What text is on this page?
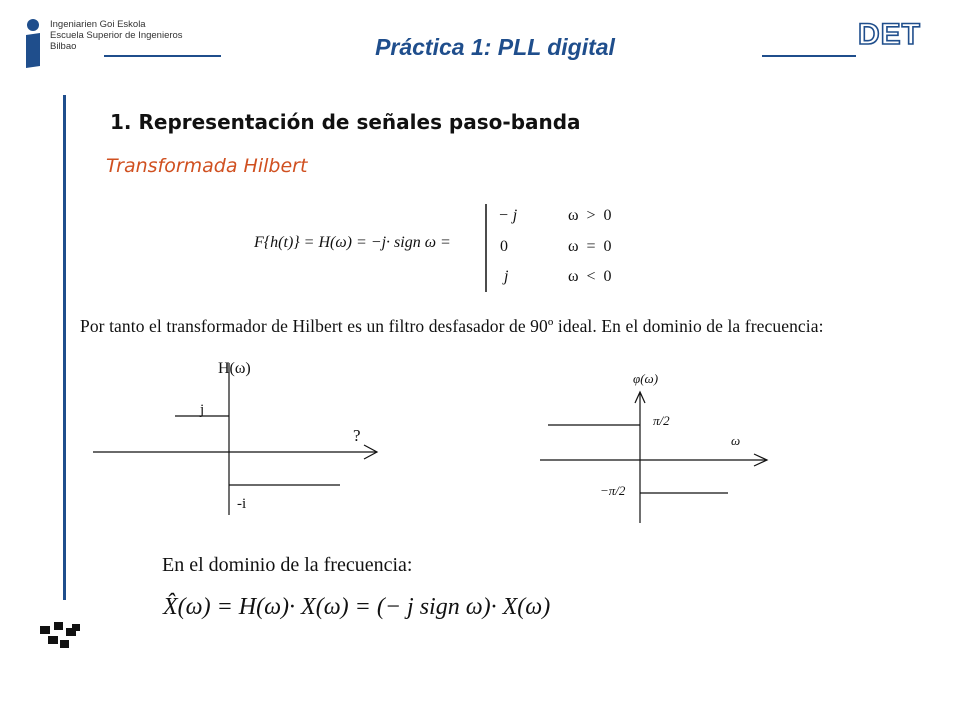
Ingeniarien Goi Eskola
Escuela Superior de Ingenieros
Bilbao	Práctica 1: PLL digital	DET
1. Representación de señales paso-banda
Transformada Hilbert
F{h(t)} = H(ω) = −j· sign ω =
− j	ω  >  0
0	ω  =  0
j	ω  <  0
Por tanto el transformador de Hilbert es un filtro desfasador de 90º ideal. En el dominio de la frecuencia:
H(ω)
j
?
-i
φ(ω)
π/2
ω
−π/2
En el dominio de la frecuencia:
X̂(ω) = H(ω)· X(ω) = (− j sign ω)· X(ω)
